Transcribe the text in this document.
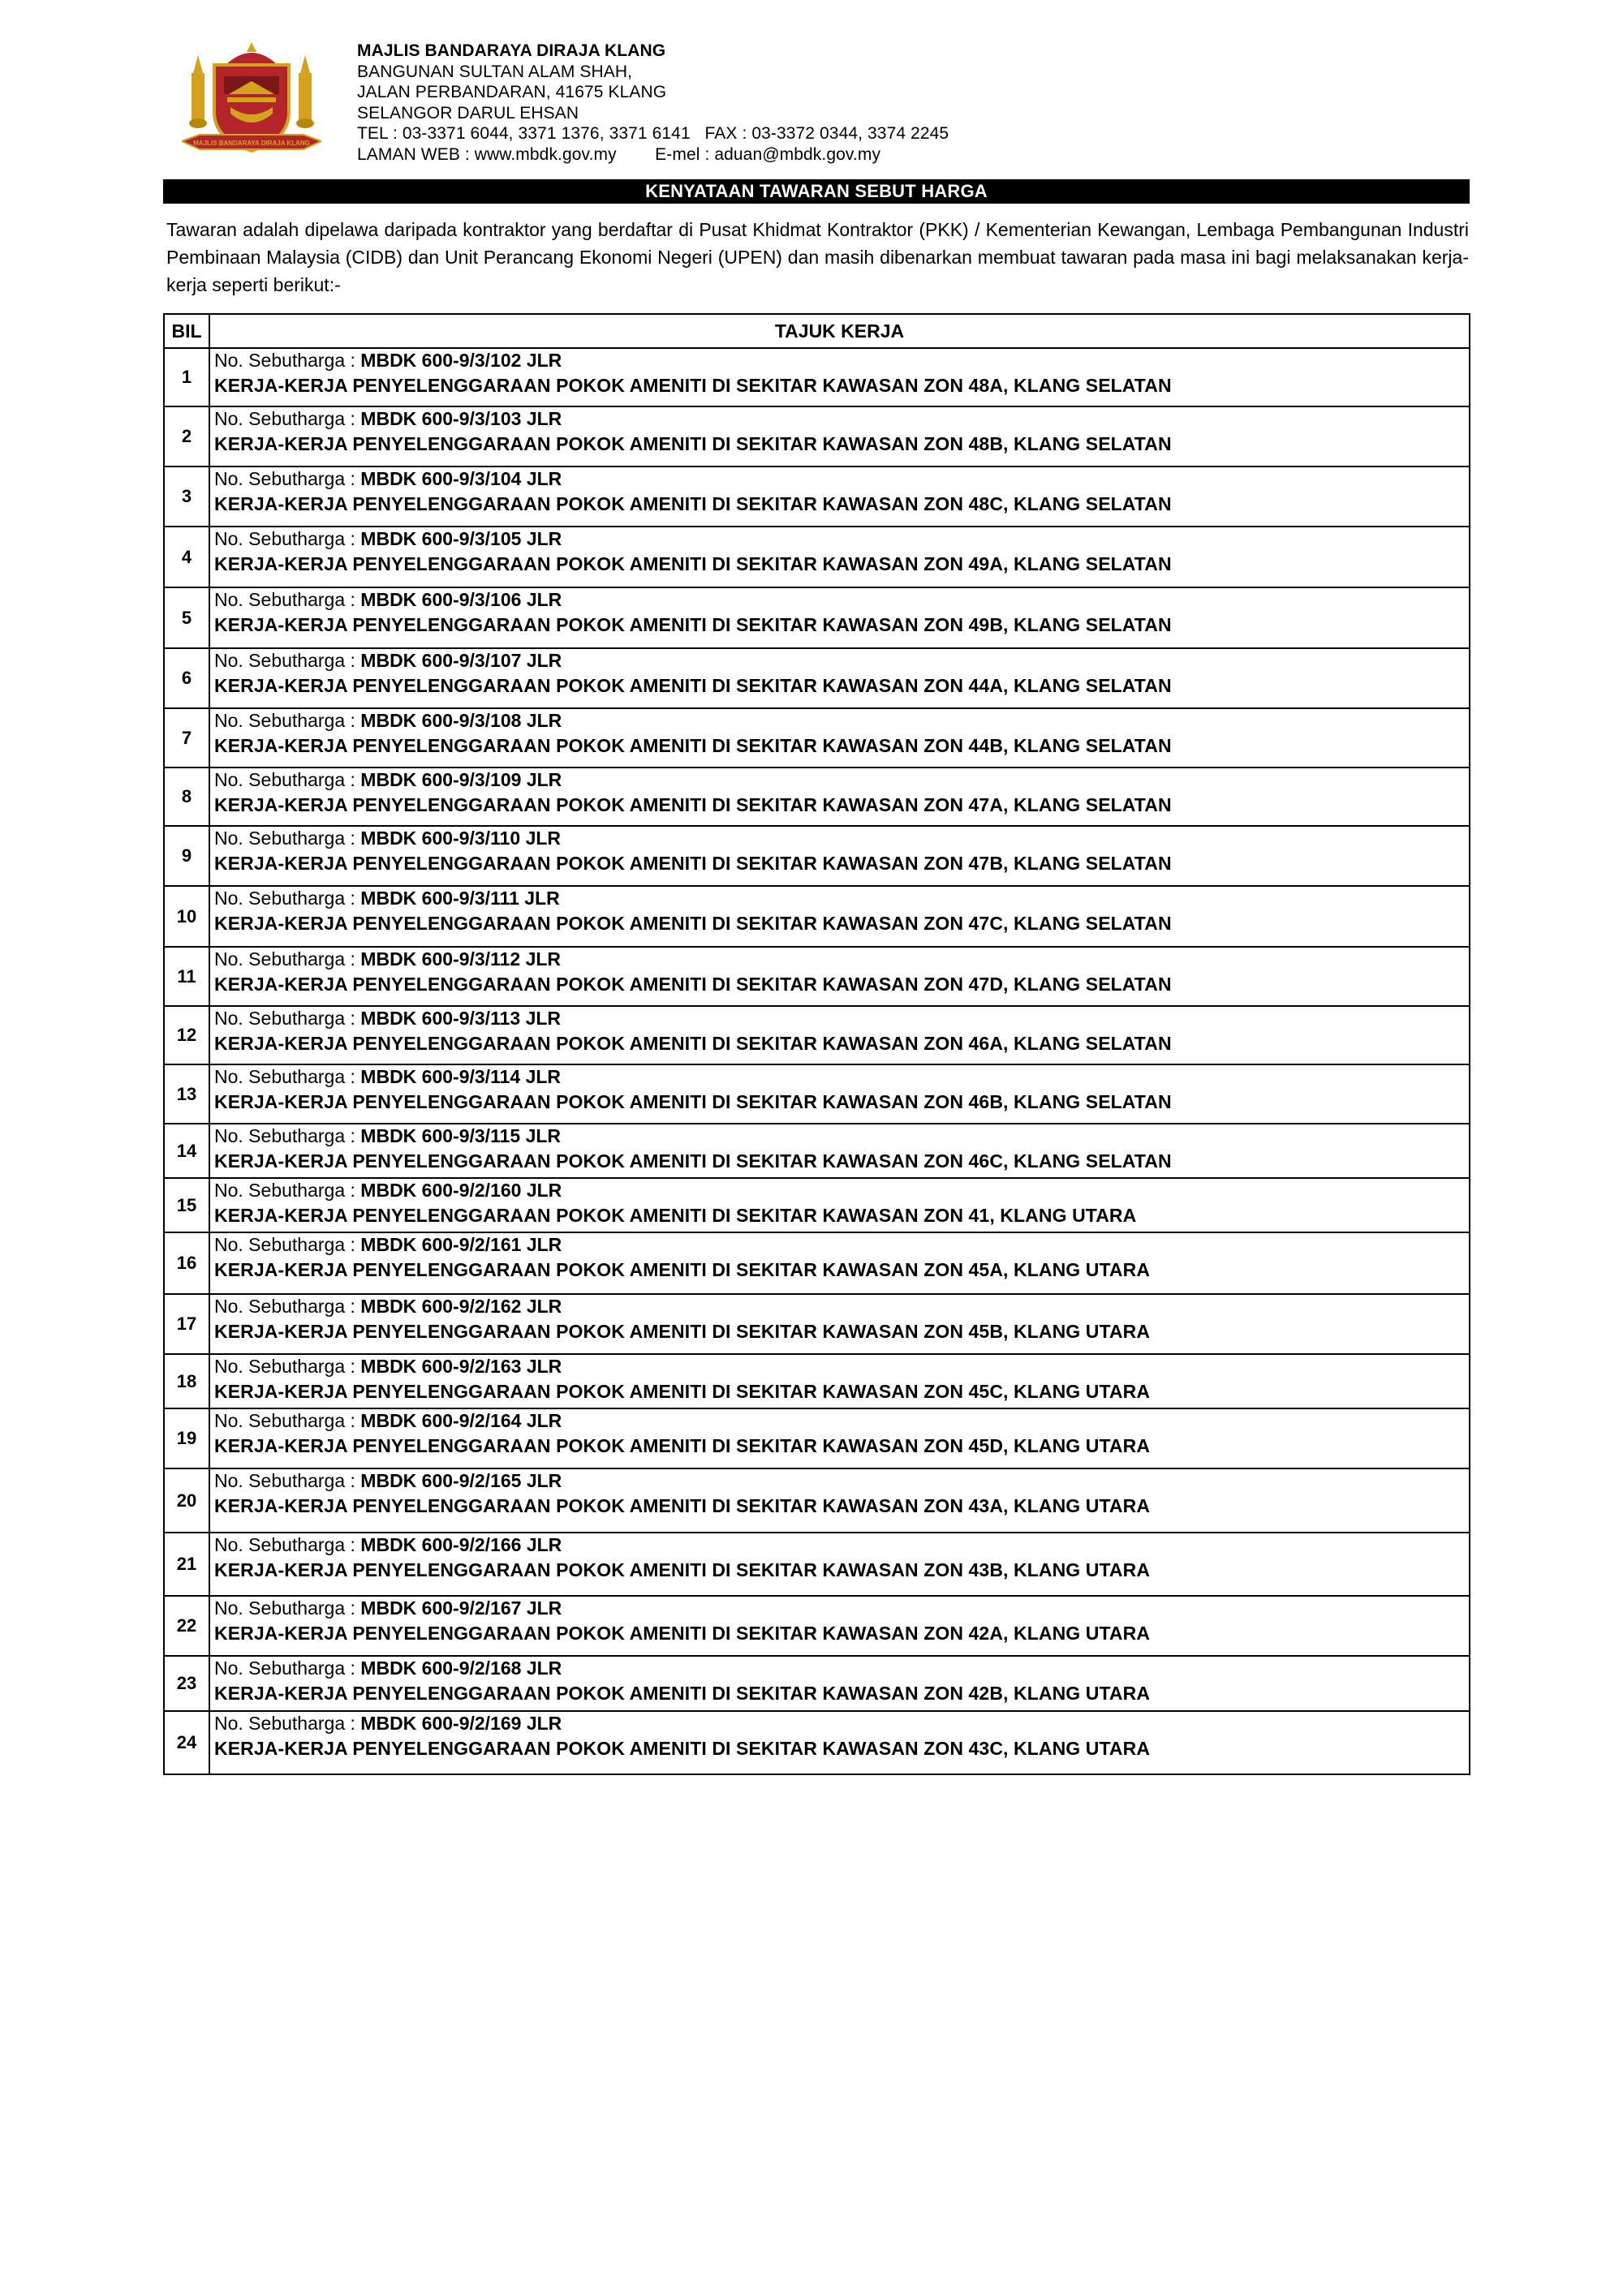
MAJLIS BANDARAYA DIRAJA KLANG
MAJLIS BANDARAYA DIRAJA KLANG
BANGUNAN SULTAN ALAM SHAH,
JALAN PERBANDARAN, 41675 KLANG
SELANGOR DARUL EHSAN
TEL : 03-3371 6044, 3371 1376, 3371 6141   FAX : 03-3372 0344, 3374 2245
LAMAN WEB : www.mbdk.gov.my        E-mel : aduan@mbdk.gov.my
KENYATAAN TAWARAN SEBUT HARGA

Tawaran adalah dipelawa daripada kontraktor yang berdaftar di Pusat Khidmat Kontraktor (PKK) / Kementerian Kewangan, Lembaga Pembangunan Industri Pembinaan Malaysia (CIDB) dan Unit Perancang Ekonomi Negeri (UPEN) dan masih dibenarkan membuat tawaran pada masa ini bagi melaksanakan kerja-kerja seperti berikut:-

BIL	TAJUK KERJA
1	No. Sebutharga : MBDK 600-9/3/102 JLR
KERJA-KERJA PENYELENGGARAAN POKOK AMENITI DI SEKITAR KAWASAN ZON 48A, KLANG SELATAN

2	No. Sebutharga : MBDK 600-9/3/103 JLR
KERJA-KERJA PENYELENGGARAAN POKOK AMENITI DI SEKITAR KAWASAN ZON 48B, KLANG SELATAN

3	No. Sebutharga : MBDK 600-9/3/104 JLR
KERJA-KERJA PENYELENGGARAAN POKOK AMENITI DI SEKITAR KAWASAN ZON 48C, KLANG SELATAN

4	No. Sebutharga : MBDK 600-9/3/105 JLR
KERJA-KERJA PENYELENGGARAAN POKOK AMENITI DI SEKITAR KAWASAN ZON 49A, KLANG SELATAN

5	No. Sebutharga : MBDK 600-9/3/106 JLR
KERJA-KERJA PENYELENGGARAAN POKOK AMENITI DI SEKITAR KAWASAN ZON 49B, KLANG SELATAN

6	No. Sebutharga : MBDK 600-9/3/107 JLR
KERJA-KERJA PENYELENGGARAAN POKOK AMENITI DI SEKITAR KAWASAN ZON 44A, KLANG SELATAN

7	No. Sebutharga : MBDK 600-9/3/108 JLR
KERJA-KERJA PENYELENGGARAAN POKOK AMENITI DI SEKITAR KAWASAN ZON 44B, KLANG SELATAN

8	No. Sebutharga : MBDK 600-9/3/109 JLR
KERJA-KERJA PENYELENGGARAAN POKOK AMENITI DI SEKITAR KAWASAN ZON 47A, KLANG SELATAN

9	No. Sebutharga : MBDK 600-9/3/110 JLR
KERJA-KERJA PENYELENGGARAAN POKOK AMENITI DI SEKITAR KAWASAN ZON 47B, KLANG SELATAN

10	No. Sebutharga : MBDK 600-9/3/111 JLR
KERJA-KERJA PENYELENGGARAAN POKOK AMENITI DI SEKITAR KAWASAN ZON 47C, KLANG SELATAN

11	No. Sebutharga : MBDK 600-9/3/112 JLR
KERJA-KERJA PENYELENGGARAAN POKOK AMENITI DI SEKITAR KAWASAN ZON 47D, KLANG SELATAN

12	No. Sebutharga : MBDK 600-9/3/113 JLR
KERJA-KERJA PENYELENGGARAAN POKOK AMENITI DI SEKITAR KAWASAN ZON 46A, KLANG SELATAN

13	No. Sebutharga : MBDK 600-9/3/114 JLR
KERJA-KERJA PENYELENGGARAAN POKOK AMENITI DI SEKITAR KAWASAN ZON 46B, KLANG SELATAN

14	No. Sebutharga : MBDK 600-9/3/115 JLR
KERJA-KERJA PENYELENGGARAAN POKOK AMENITI DI SEKITAR KAWASAN ZON 46C, KLANG SELATAN

15	No. Sebutharga : MBDK 600-9/2/160 JLR
KERJA-KERJA PENYELENGGARAAN POKOK AMENITI DI SEKITAR KAWASAN ZON 41, KLANG UTARA

16	No. Sebutharga : MBDK 600-9/2/161 JLR
KERJA-KERJA PENYELENGGARAAN POKOK AMENITI DI SEKITAR KAWASAN ZON 45A, KLANG UTARA

17	No. Sebutharga : MBDK 600-9/2/162 JLR
KERJA-KERJA PENYELENGGARAAN POKOK AMENITI DI SEKITAR KAWASAN ZON 45B, KLANG UTARA

18	No. Sebutharga : MBDK 600-9/2/163 JLR
KERJA-KERJA PENYELENGGARAAN POKOK AMENITI DI SEKITAR KAWASAN ZON 45C, KLANG UTARA

19	No. Sebutharga : MBDK 600-9/2/164 JLR
KERJA-KERJA PENYELENGGARAAN POKOK AMENITI DI SEKITAR KAWASAN ZON 45D, KLANG UTARA

20	No. Sebutharga : MBDK 600-9/2/165 JLR
KERJA-KERJA PENYELENGGARAAN POKOK AMENITI DI SEKITAR KAWASAN ZON 43A, KLANG UTARA

21	No. Sebutharga : MBDK 600-9/2/166 JLR
KERJA-KERJA PENYELENGGARAAN POKOK AMENITI DI SEKITAR KAWASAN ZON 43B, KLANG UTARA

22	No. Sebutharga : MBDK 600-9/2/167 JLR
KERJA-KERJA PENYELENGGARAAN POKOK AMENITI DI SEKITAR KAWASAN ZON 42A, KLANG UTARA

23	No. Sebutharga : MBDK 600-9/2/168 JLR
KERJA-KERJA PENYELENGGARAAN POKOK AMENITI DI SEKITAR KAWASAN ZON 42B, KLANG UTARA

24	No. Sebutharga : MBDK 600-9/2/169 JLR
KERJA-KERJA PENYELENGGARAAN POKOK AMENITI DI SEKITAR KAWASAN ZON 43C, KLANG UTARA
